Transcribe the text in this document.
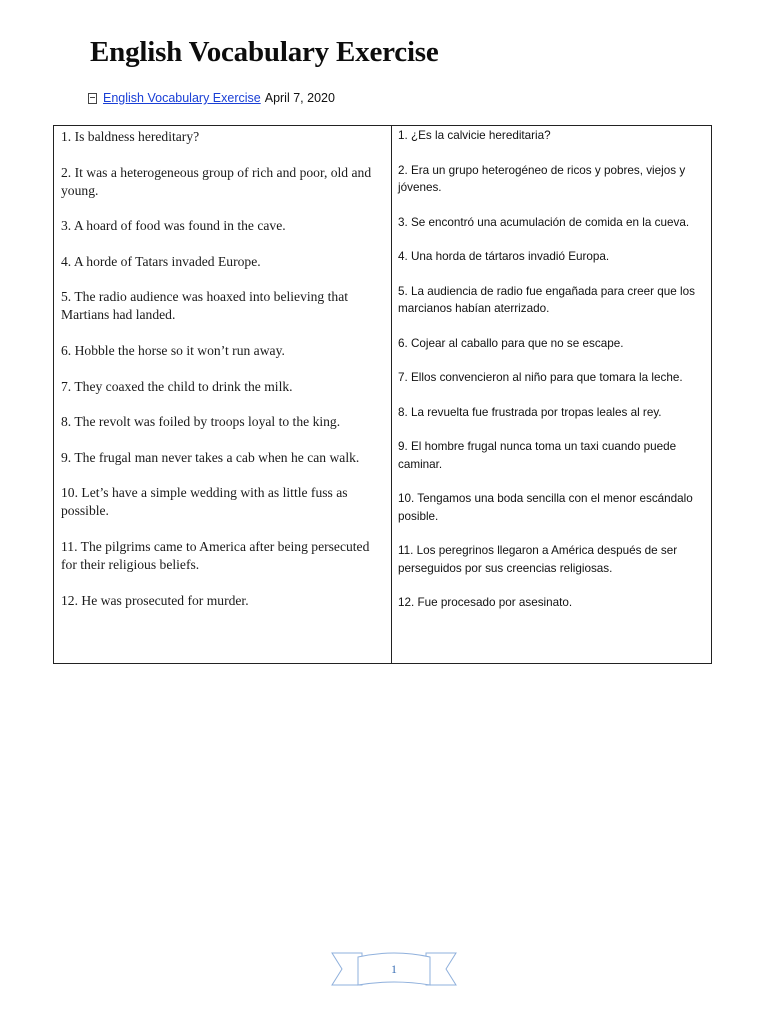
English Vocabulary Exercise
English Vocabulary Exercise April 7, 2020

1. Is baldness hereditary?

2. It was a heterogeneous group of rich and poor, old and young.

3. A hoard of food was found in the cave.

4. A horde of Tatars invaded Europe.

5. The radio audience was hoaxed into believing that Martians had landed.

6. Hobble the horse so it won’t run away.

7. They coaxed the child to drink the milk.

8. The revolt was foiled by troops loyal to the king.

9. The frugal man never takes a cab when he can walk.

10. Let’s have a simple wedding with as little fuss as possible.

11. The pilgrims came to America after being persecuted for their religious beliefs.

12. He was prosecuted for murder.

1. ¿Es la calvicie hereditaria?

2. Era un grupo heterogéneo de ricos y pobres, viejos y jóvenes.

3. Se encontró una acumulación de comida en la cueva.

4. Una horda de tártaros invadió Europa.

5. La audiencia de radio fue engañada para creer que los marcianos habían aterrizado.

6. Cojear al caballo para que no se escape.

7. Ellos convencieron al niño para que tomara la leche.

8. La revuelta fue frustrada por tropas leales al rey.

9. El hombre frugal nunca toma un taxi cuando puede caminar.

10. Tengamos una boda sencilla con el menor escándalo posible.

11. Los peregrinos llegaron a América después de ser perseguidos por sus creencias religiosas.

12. Fue procesado por asesinato.

1
